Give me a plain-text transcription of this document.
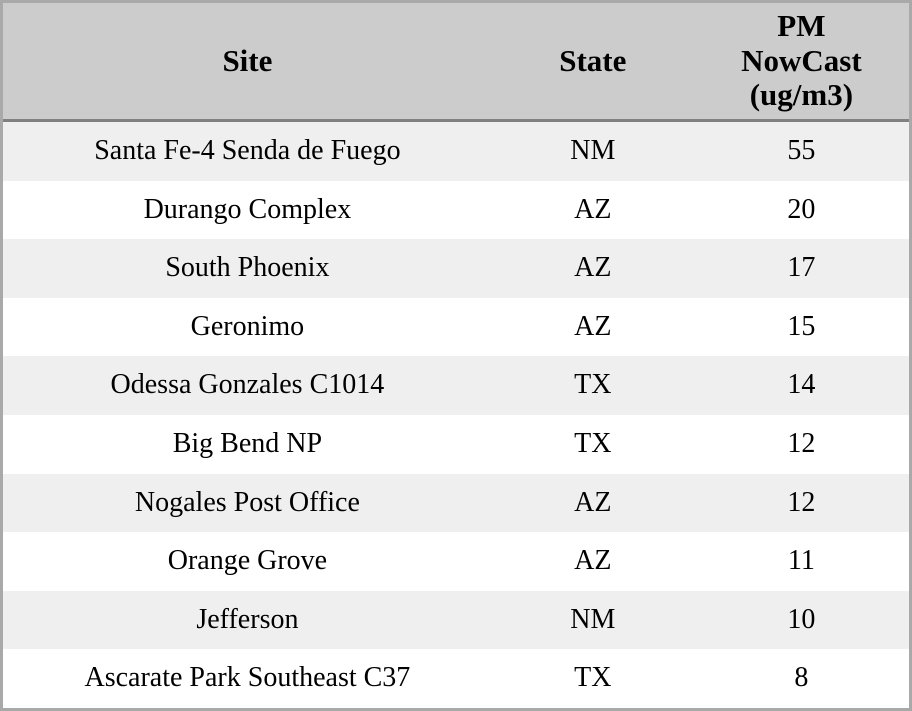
Site	State	PM
NowCast
(ug/m3)

Santa Fe-4 Senda de Fuego	NM	55
Durango Complex	AZ	20
South Phoenix	AZ	17
Geronimo	AZ	15
Odessa Gonzales C1014	TX	14
Big Bend NP	TX	12
Nogales Post Office	AZ	12
Orange Grove	AZ	11
Jefferson	NM	10
Ascarate Park Southeast C37	TX	8
